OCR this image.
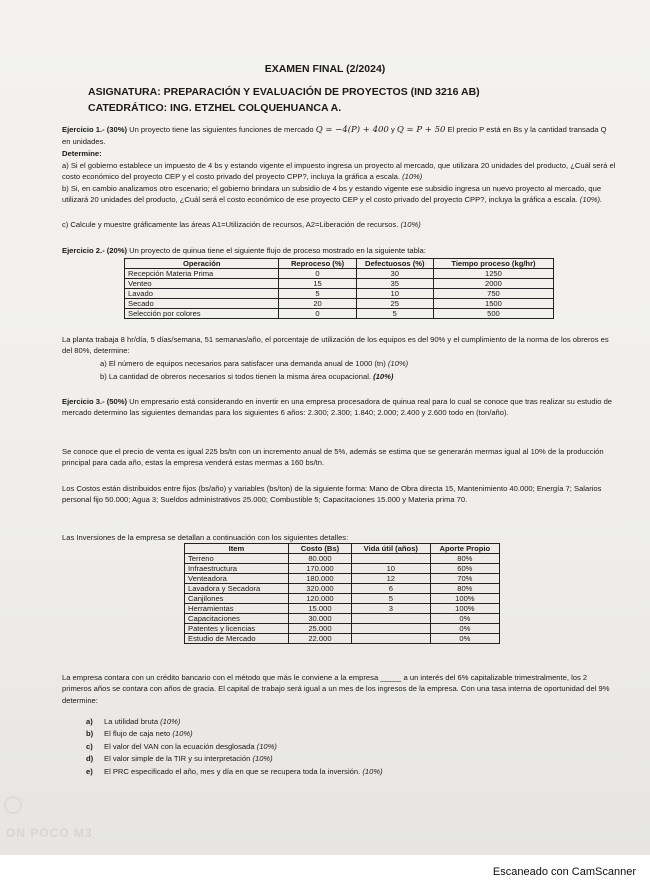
EXAMEN FINAL (2/2024)
ASIGNATURA: PREPARACIÓN Y EVALUACIÓN DE PROYECTOS (IND 3216 AB)
CATEDRÁTICO: ING. ETZHEL COLQUEHUANCA A.

Ejercicio 1.- (30%) Un proyecto tiene las siguientes funciones de mercado Q = −4(P) + 400 y Q = P + 50 El precio P está en Bs y la cantidad transada Q en unidades.

Determine:

a) Si el gobierno establece un impuesto de 4 bs y estando vigente el impuesto ingresa un proyecto al mercado, que utilizara 20 unidades del producto, ¿Cuál será el costo económico del proyecto CEP y el costo privado del proyecto CPP?, incluya la gráfica a escala. (10%)

b) Si, en cambio analizamos otro escenario; el gobierno brindara un subsidio de 4 bs y estando vigente ese subsidio ingresa un nuevo proyecto al mercado, que utilizará 20 unidades del producto, ¿Cuál será el costo económico de ese proyecto CEP y el costo privado del proyecto CPP?, incluya la gráfica a escala. (10%).

c) Calcule y muestre gráficamente las áreas A1=Utilización de recursos, A2=Liberación de recursos. (10%)

Ejercicio 2.- (20%) Un proyecto de quinua tiene el siguiente flujo de proceso mostrado en la siguiente tabla:

Operación	Reproceso (%)	Defectuosos (%)	Tiempo proceso (kg/hr)
Recepción Materia Prima	0	30	1250
Venteo	15	35	2000
Lavado	5	10	750
Secado	20	25	1500
Selección por colores	0	5	500

La planta trabaja 8 hr/día, 5 días/semana, 51 semanas/año, el porcentaje de utilización de los equipos es del 90% y el cumplimiento de la norma de los obreros es del 80%, determine:

a) El número de equipos necesarios para satisfacer una demanda anual de 1000 (tn) (10%)

b) La cantidad de obreros necesarios si todos tienen la misma área ocupacional. (10%)

Ejercicio 3.- (50%) Un empresario está considerando en invertir en una empresa procesadora de quinua real para lo cual se conoce que tras realizar su estudio de mercado determino las siguientes demandas para los siguientes 6 años: 2.300; 2.300; 1.840; 2.000; 2.400 y 2.600 todo en (ton/año).

Se conoce que el precio de venta es igual 225 bs/tn con un incremento anual de 5%, además se estima que se generarán mermas igual al 10% de la producción principal para cada año, estas la empresa venderá estas mermas a 160 bs/tn.

Los Costos están distribuidos entre fijos (bs/año) y variables (bs/ton) de la siguiente forma: Mano de Obra directa 15, Mantenimiento 40.000; Energía 7; Salarios personal fijo 50.000; Agua 3; Sueldos administrativos 25.000; Combustible 5; Capacitaciones 15.000 y Materia prima 70.

Las Inversiones de la empresa se detallan a continuación con los siguientes detalles:

Item	Costo (Bs)	Vida útil (años)	Aporte Propio
Terreno	80.000		80%
Infraestructura	170.000	10	60%
Venteadora	180.000	12	70%
Lavadora y Secadora	320.000	6	80%
Canjilones	120.000	5	100%
Herramientas	15.000	3	100%
Capacitaciones	30.000		0%
Patentes y licencias	25.000		0%
Estudio de Mercado	22.000		0%

La empresa contara con un crédito bancario con el método que más le conviene a la empresa _____ a un interés del 6% capitalizable trimestralmente, los 2 primeros años se contara con años de gracia. El capital de trabajo será igual a un mes de los ingresos de la empresa. Con una tasa interna de oportunidad del 9% determine:

a) La utilidad bruta (10%)
b) El flujo de caja neto (10%)
c) El valor del VAN con la ecuación desglosada (10%)
d) El valor simple de la TIR y su interpretación (10%)
e) El PRC especificado el año, mes y día en que se recupera toda la inversión. (10%)
ON POCO M3
Escaneado con CamScanner
